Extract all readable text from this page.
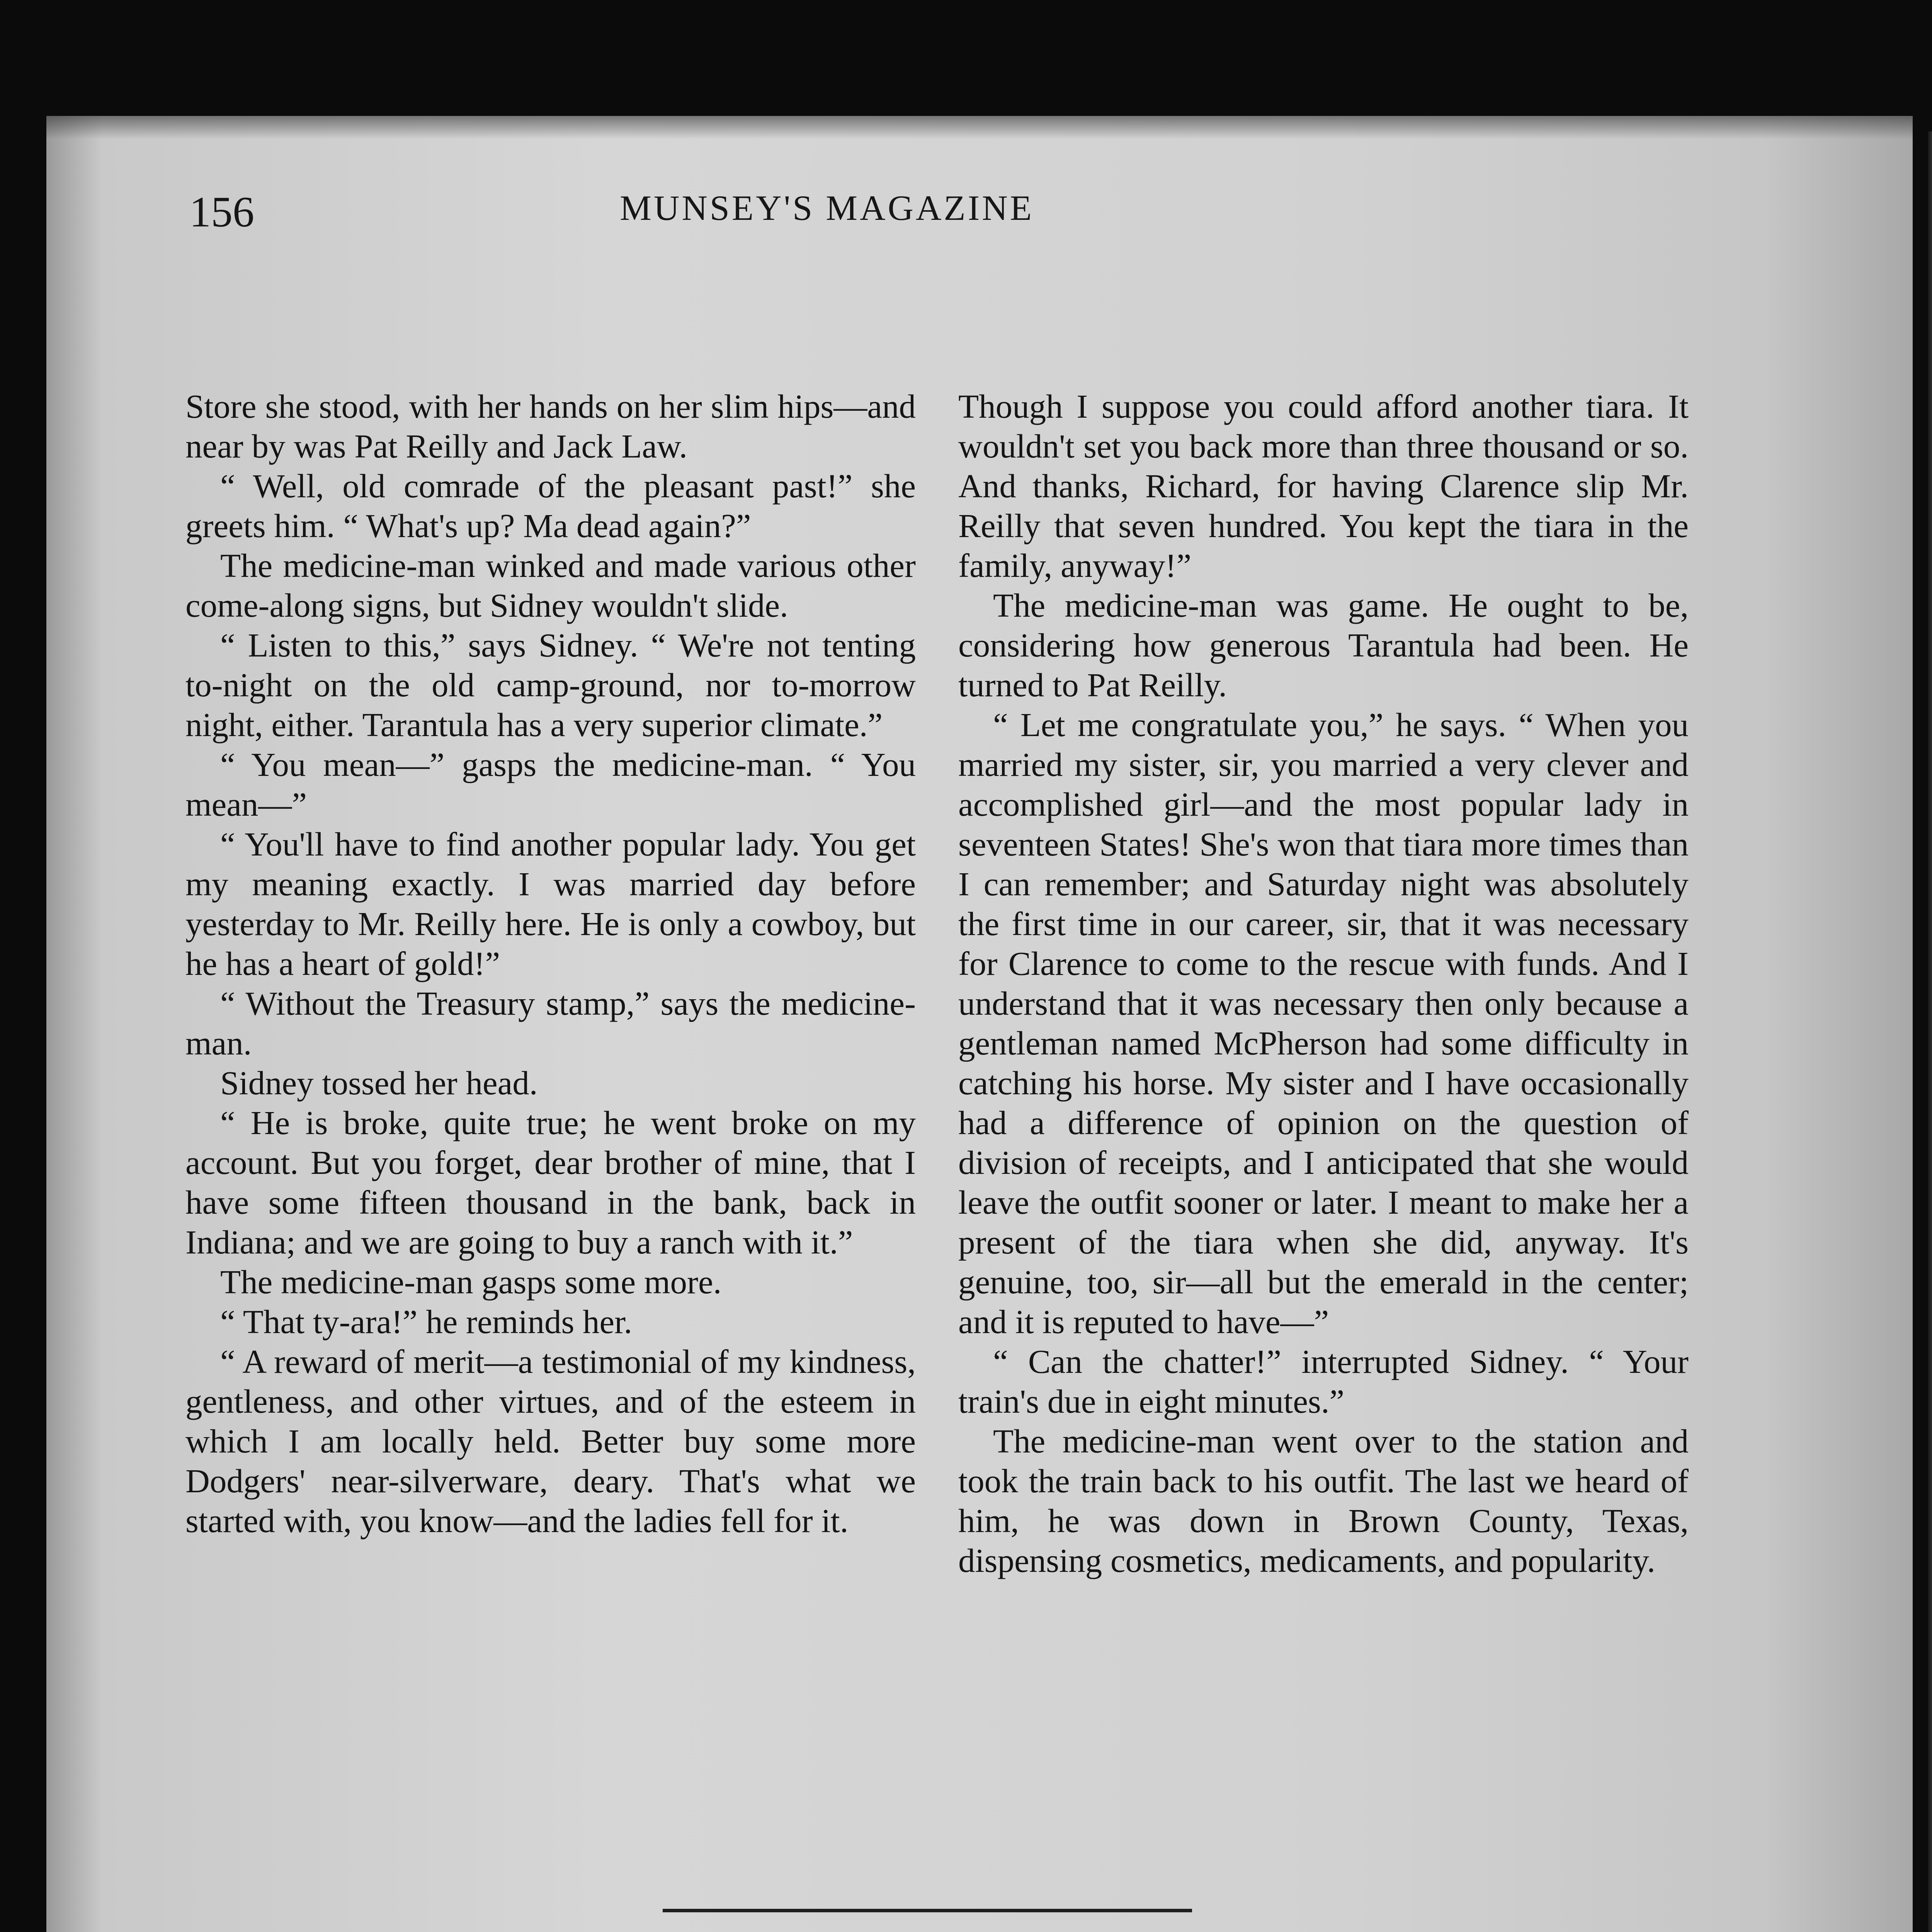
156	MUNSEY'S MAGAZINE

Store she stood, with her hands on her slim hips—and near by was Pat Reilly and Jack Law.

“ Well, old comrade of the pleasant past!” she greets him. “ What's up? Ma dead again?”

The medicine-man winked and made various other come-along signs, but Sidney wouldn't slide.

“ Listen to this,” says Sidney. “ We're not tenting to-night on the old camp-ground, nor to-morrow night, either. Tarantula has a very superior climate.”

“ You mean—” gasps the medicine-man. “ You mean—”

“ You'll have to find another popular lady. You get my meaning exactly. I was married day before yesterday to Mr. Reilly here. He is only a cowboy, but he has a heart of gold!”

“ Without the Treasury stamp,” says the medicine-man.

Sidney tossed her head.

“ He is broke, quite true; he went broke on my account. But you forget, dear brother of mine, that I have some fifteen thousand in the bank, back in Indiana; and we are going to buy a ranch with it.”

The medicine-man gasps some more.

“ That ty-ara!” he reminds her.

“ A reward of merit—a testimonial of my kindness, gentleness, and other virtues, and of the esteem in which I am locally held. Better buy some more Dodgers' near-silverware, deary. That's what we started with, you know—and the ladies fell for it.

Though I suppose you could afford another tiara. It wouldn't set you back more than three thousand or so. And thanks, Richard, for having Clarence slip Mr. Reilly that seven hundred. You kept the tiara in the family, anyway!”

The medicine-man was game. He ought to be, considering how generous Tarantula had been. He turned to Pat Reilly.

“ Let me congratulate you,” he says. “ When you married my sister, sir, you married a very clever and accomplished girl—and the most popular lady in seventeen States! She's won that tiara more times than I can remember; and Saturday night was absolutely the first time in our career, sir, that it was necessary for Clarence to come to the rescue with funds. And I understand that it was necessary then only because a gentleman named McPherson had some difficulty in catching his horse. My sister and I have occasionally had a difference of opinion on the question of division of receipts, and I anticipated that she would leave the outfit sooner or later. I meant to make her a present of the tiara when she did, anyway. It's genuine, too, sir—all but the emerald in the center; and it is reputed to have—”

“ Can the chatter!” interrupted Sidney. “ Your train's due in eight minutes.”

The medicine-man went over to the station and took the train back to his outfit. The last we heard of him, he was down in Brown County, Texas, dispensing cosmetics, medicaments, and popularity.
